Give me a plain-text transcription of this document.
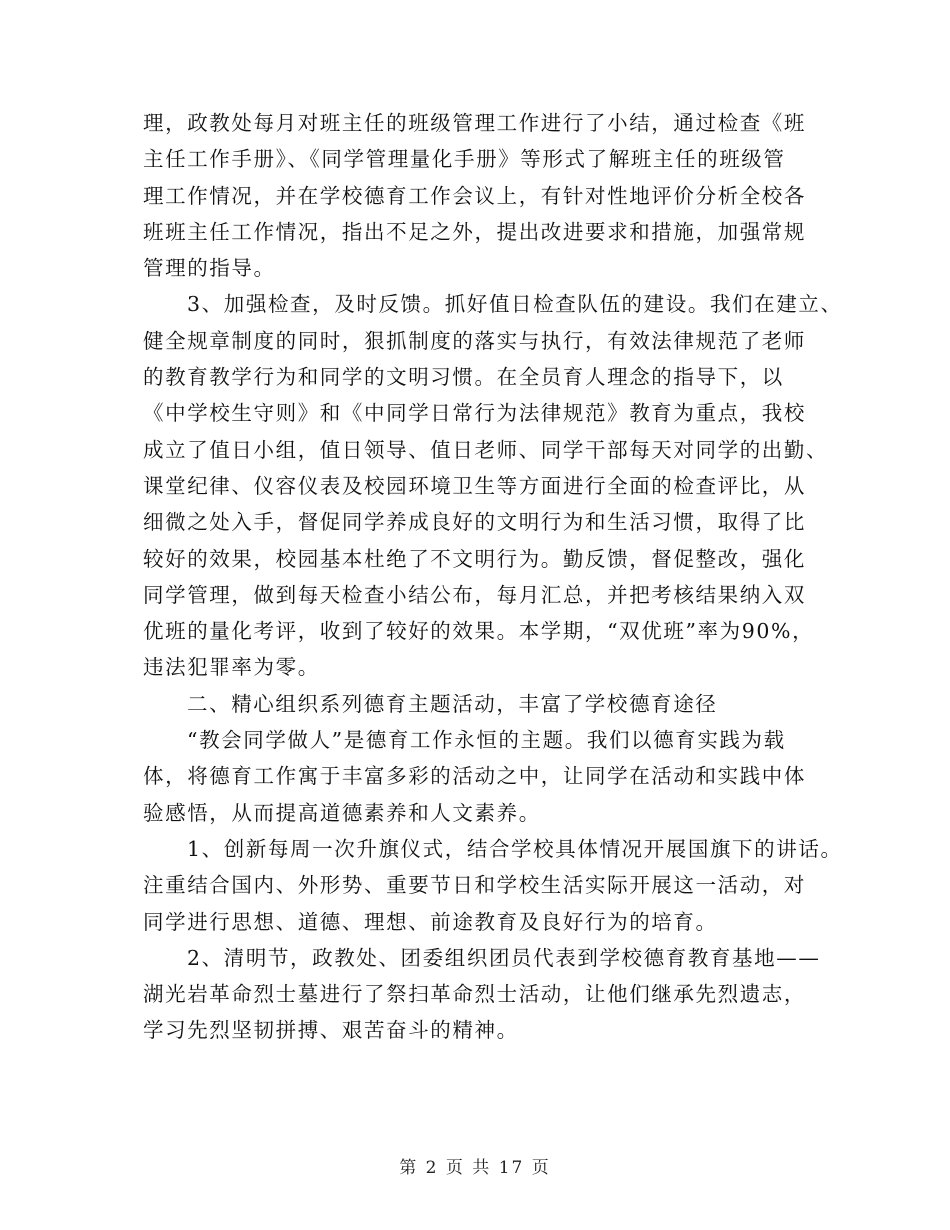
理，政教处每月对班主任的班级管理工作进行了小结，通过检查《班
主任工作手册》、《同学管理量化手册》等形式了解班主任的班级管
理工作情况，并在学校德育工作会议上，有针对性地评价分析全校各
班班主任工作情况，指出不足之外，提出改进要求和措施，加强常规
管理的指导。
3、加强检查，及时反馈。抓好值日检查队伍的建设。我们在建立、
健全规章制度的同时，狠抓制度的落实与执行，有效法律规范了老师
的教育教学行为和同学的文明习惯。在全员育人理念的指导下，以
《中学校生守则》和《中同学日常行为法律规范》教育为重点，我校
成立了值日小组，值日领导、值日老师、同学干部每天对同学的出勤、
课堂纪律、仪容仪表及校园环境卫生等方面进行全面的检查评比，从
细微之处入手，督促同学养成良好的文明行为和生活习惯，取得了比
较好的效果，校园基本杜绝了不文明行为。勤反馈，督促整改，强化
同学管理，做到每天检查小结公布，每月汇总，并把考核结果纳入双
优班的量化考评，收到了较好的效果。本学期，“双优班”率为90%，
违法犯罪率为零。
二、精心组织系列德育主题活动，丰富了学校德育途径
“教会同学做人”是德育工作永恒的主题。我们以德育实践为载
体，将德育工作寓于丰富多彩的活动之中，让同学在活动和实践中体
验感悟，从而提高道德素养和人文素养。
1、创新每周一次升旗仪式，结合学校具体情况开展国旗下的讲话。
注重结合国内、外形势、重要节日和学校生活实际开展这一活动，对
同学进行思想、道德、理想、前途教育及良好行为的培育。
2、清明节，政教处、团委组织团员代表到学校德育教育基地——
湖光岩革命烈士墓进行了祭扫革命烈士活动，让他们继承先烈遗志，
学习先烈坚韧拼搏、艰苦奋斗的精神。
第 2 页 共 17 页
